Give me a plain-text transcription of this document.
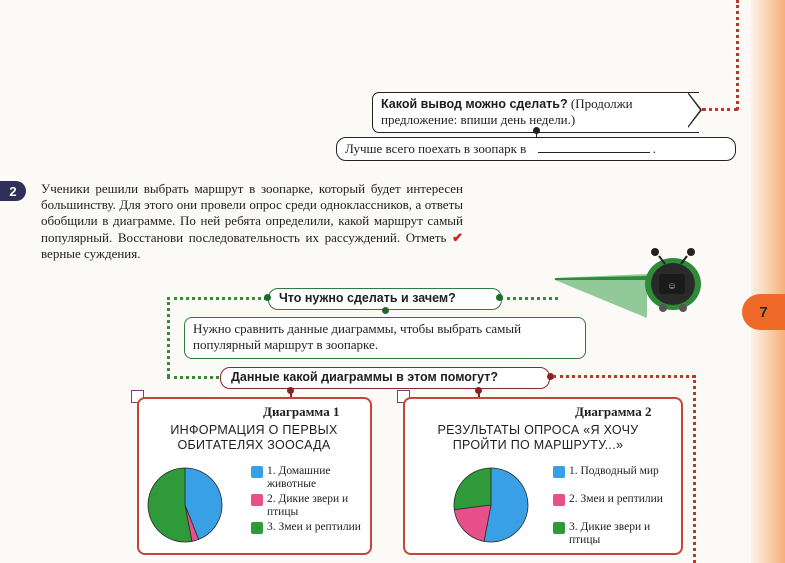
7
Какой вывод можно сделать? (Продолжи предложение: впиши день недели.)
Лучше всего поехать в зоопарк в	.
2	Ученики решили выбрать маршрут в зоопарке, который будет интересен большинству. Для этого они провели опрос среди одноклассников, а ответы обобщили в диаграмме. По ней ребята определили, какой маршрут самый популярный. Восстанови последовательность их рассуждений. Отметь ✔ верные суждения.
☺
Что нужно сделать и зачем?
Нужно сравнить данные диаграммы, чтобы выбрать самый популярный маршрут в зоопарке.
Данные какой диаграммы в этом помогут?
Диаграмма 1
ИНФОРМАЦИЯ О ПЕРВЫХ ОБИТАТЕЛЯХ ЗООСАДА
1. Домашние животные
2. Дикие звери и птицы
3. Змеи и рептилии
Диаграмма 2
РЕЗУЛЬТАТЫ ОПРОСА «Я ХОЧУ ПРОЙТИ ПО МАРШРУТУ...»
1. Подводный мир
2. Змеи и рептилии
3. Дикие звери и птицы
